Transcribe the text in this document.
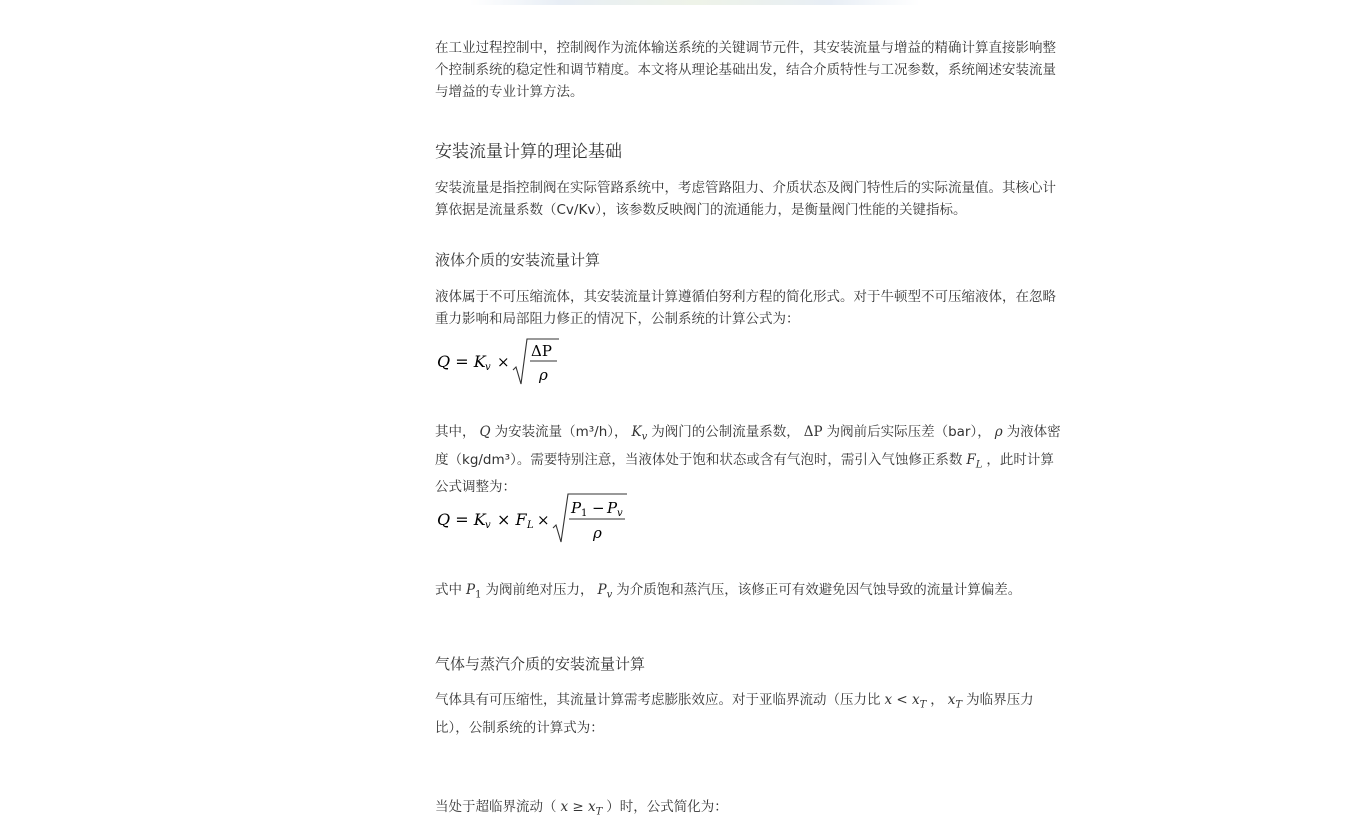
在工业过程控制中，控制阀作为流体输送系统的关键调节元件，其安装流量与增益的精确计算直接影响整个控制系统的稳定性和调节精度。本文将从理论基础出发，结合介质特性与工况参数，系统阐述安装流量与增益的专业计算方法。

安装流量计算的理论基础

安装流量是指控制阀在实际管路系统中，考虑管路阻力、介质状态及阀门特性后的实际流量值。其核心计算依据是流量系数（Cv/Kv），该参数反映阀门的流通能力，是衡量阀门性能的关键指标。

液体介质的安装流量计算

液体属于不可压缩流体，其安装流量计算遵循伯努利方程的简化形式。对于牛顿型不可压缩液体，在忽略重力影响和局部阻力修正的情况下，公制系统的计算公式为：

Q = K v ×
ΔP
ρ

其中， Q 为安装流量（m³/h）， $K_v$ 为阀门的公制流量系数， ΔP 为阀前后实际压差（bar）， ρ 为液体密度（kg/dm³）。需要特别注意，当液体处于饱和状态或含有气泡时，需引入气蚀修正系数 $F_L$ ，此时计算公式调整为：

Q = K v × F L ×
P 1 − P v
ρ

式中 $P_1$ 为阀前绝对压力， $P_v$ 为介质饱和蒸汽压，该修正可有效避免因气蚀导致的流量计算偏差。

气体与蒸汽介质的安装流量计算

气体具有可压缩性，其流量计算需考虑膨胀效应。对于亚临界流动（压力比 $x < x_T$ ， $x_T$ 为临界压力比），公制系统的计算式为：

当处于超临界流动（ $x \ge x_T$ ）时，公式简化为：
